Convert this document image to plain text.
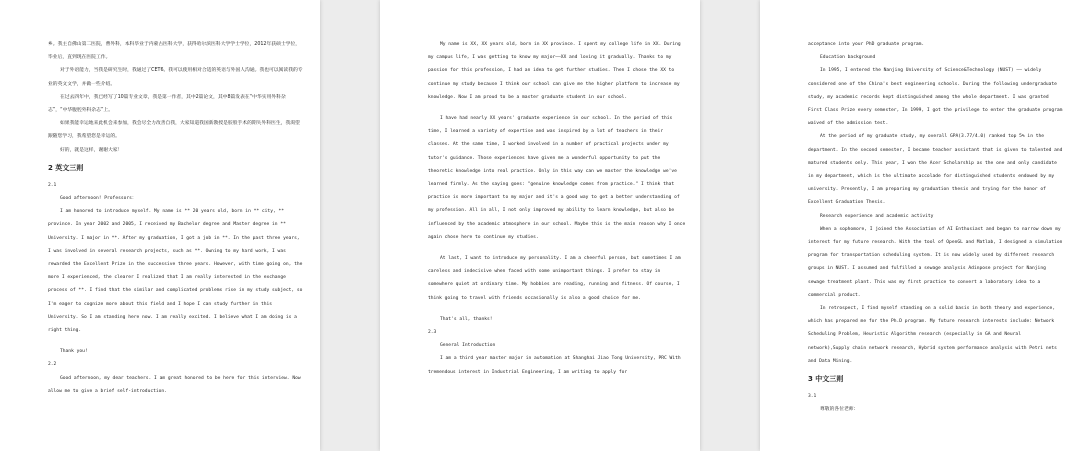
乡。我主自佛山第二医院，曹外科，本科毕业于内蒙古医科大学，获得哈尔滨医科大学学士学位，2012年获硕士学位，毕业后，直到现在医院工作。

对于外语能力，当我是研究生时，我通过了CET6。我可以使用相对合适的英语与外国人沟通。我也可以阅读我的专业的英文文学，并做一些介绍。

在过去四年中，我已经写了10篇专业文章，我是第一作者，其中2篇论文，其中8篇发表在“中华实用外科杂志”，“中华腹腔外科杂志”上。

如果我能幸运地来此机会来参加，我会尽全力改善自我，大家知道我国新教授是胶股手术的期失外科医生，我渴望跟随您学习，我希望您是幸运的。

好的，就是这样，谢谢大家！

2 英文三则

2.1

Good afternoon! Professors：

I am honored to introduce myself. My name is ** 20 years old, born in ** city, ** province. In year 2002 and 2005, I received my Bachelor degree and Master degree in ** University. I major in **. After my graduation, I got a job in **. In the past three years, I was involved in several research projects, such as **. Owning to my hard work, I was rewarded the Excellent Prize in the successive three years. However, with time going on, the more I experienced, the clearer I realized that I am really interested in the exchange process of **. I find that the similar and complicated problems rise in my study subject, so I'm eager to cognize more about this field and I hope I can study further in this University. So I am standing here now. I am really excited. I believe what I am doing is a right thing.

Thank you!

2.2

Good afternoon, my dear teachers. I am great honored to be here for this interview. Now allow me to give a brief self-introduction.

My name is XX, XX years old, born in XX province. I spent my college life in XX. During my campus life, I was getting to know my major——XX and loving it gradually. Thanks to my passion for this profession, I had an idea to get further studies. Then I chose the XX to continue my study because I think our school can give me the higher platform to increase my knowledge. Now I am proud to be a master graduate student in our school.

I have had nearly XX years' graduate experience in our school. In the period of this time, I learned a variety of expertise and was inspired by a lot of teachers in their classes. At the same time, I worked involved in a number of practical projects under my tutor's guidance. Those experiences have given me a wonderful opportunity to put the theoretic knowledge into real practice. Only in this way can we master the knowledge we've learned firmly. As the saying goes: "genuine knowledge comes from practice." I think that practice is more important to my major and it's a good way to get a better understanding of my profession. All in all, I not only improved my ability to learn knowledge, but also be influenced by the academic atmosphere in our school. Maybe this is the main reason why I once again chose here to continue my studies.

At last, I want to introduce my personality. I am a cheerful person, but sometimes I am careless and indecisive when faced with some unimportant things. I prefer to stay in somewhere quiet at ordinary time. My hobbies are reading, running and fitness. Of course, I think going to travel with friends occasionally is also a good choice for me.

That's all, thanks!

2.3

General Introduction

I am a third year master major in automation at Shanghai Jiao Tong University, PRC With tremendous interest in Industrial Engineering, I am writing to apply for

acceptance into your PhD graduate program.

Education background

In 1995, I entered the Nanjing University of Science&Technology (NUST) —— widely considered one of the China's best engineering schools. During the following undergraduate study, my academic records kept distinguished among the whole department. I was granted First Class Prize every semester, In 1999, I got the privilege to enter the graduate program waived of the admission test.

At the period of my graduate study, my overall GPA(3.77/4.0) ranked top 5% in the department. In the second semester, I became teacher assistant that is given to talented and matured students only. This year, I won the Acer Scholarship as the one and only candidate in my department, which is the ultimate accolade for distinguished students endowed by my university. Presently, I am preparing my graduation thesis and trying for the honor of Excellent Graduation Thesis.

Research experience and academic activity

When a sophomore, I joined the Association of AI Enthusiast and began to narrow down my interest for my future research. With the tool of OpenGL and Matlab, I designed a simulation program for transportation scheduling system. It is now widely used by different research groups in NUST. I assumed and fulfilled a sewage analysis Adinpose project for Nanjing sewage treatment plant. This was my first practice to convert a laboratory idea to a commercial product.

In retrospect, I find myself standing on a solid basis in both theory and experience, which has prepared me for the Ph.D program. My future research interests include: Network Scheduling Problem, Heuristic Algorithm research (especially in GA and Neural network),Supply chain network research, Hybrid system performance analysis with Petri nets and Data Mining.

3 中文三则

3.1

尊敬的各位老师：
